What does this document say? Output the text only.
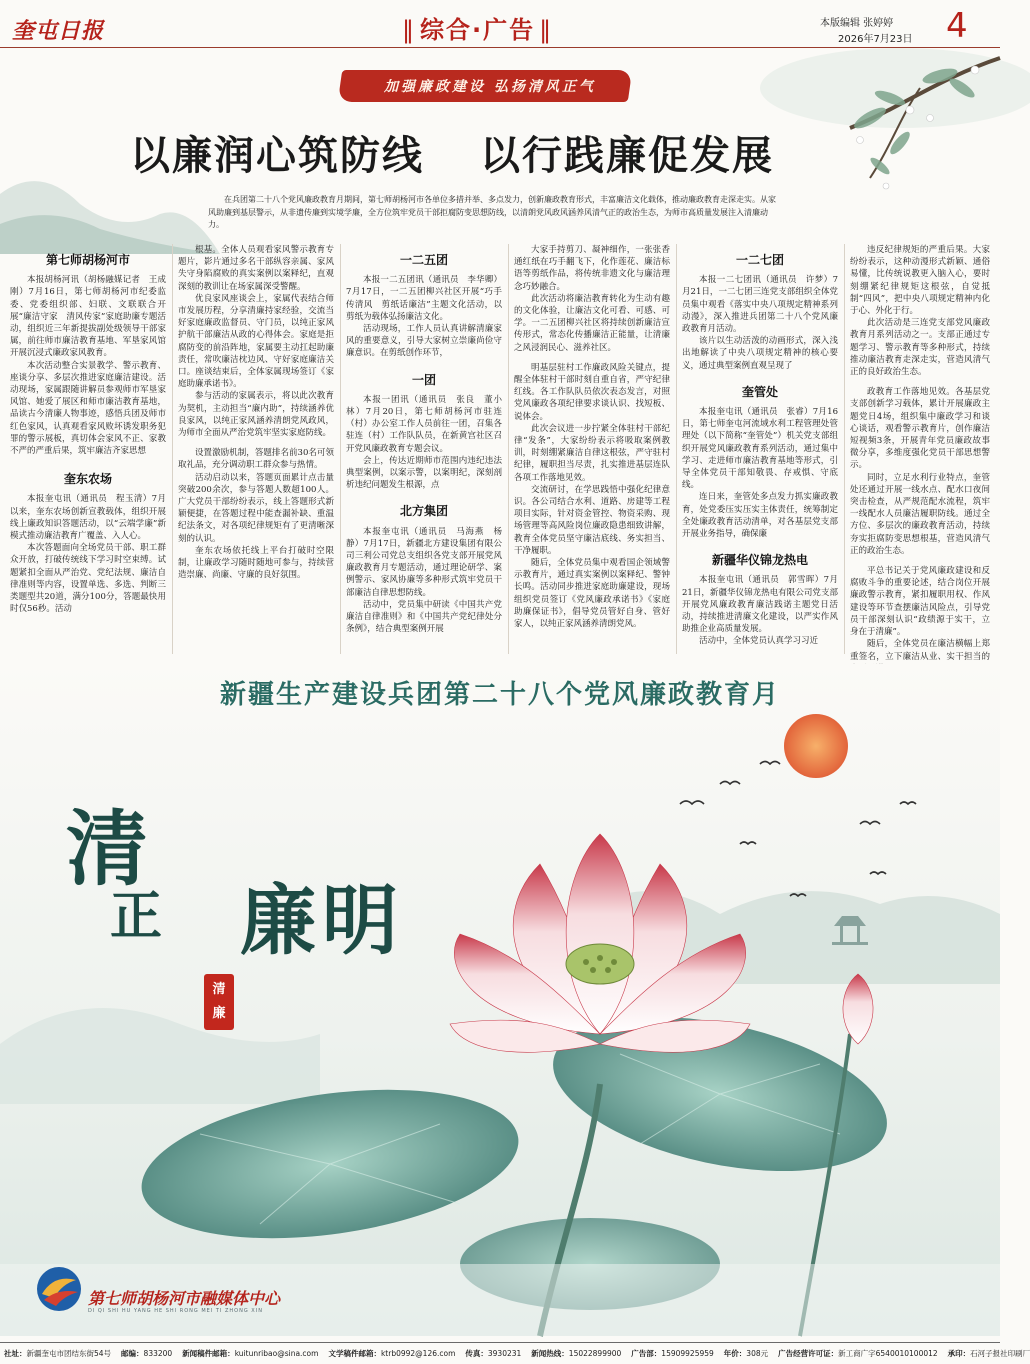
奎屯日报	‖ 综合·广告 ‖	本版编辑 张婷婷
2026年7月23日 4
加强廉政建设 弘扬清风正气
以廉润心筑防线 以行践廉促发展
在兵团第二十八个党风廉政教育月期间，第七师胡杨河市各单位多措并举、多点发力，创新廉政教育形式，丰富廉洁文化载体，推动廉政教育走深走实。从家风助廉到基层警示，从非遗传廉到实境学廉，全方位筑牢党员干部拒腐防变思想防线，以清朗党风政风涵养风清气正的政治生态，为师市高质量发展注入清廉动力。
第七师胡杨河市

本报胡杨河讯（胡杨融媒记者　王成刚）7月16日，第七师胡杨河市纪委监委、党委组织部、妇联、文联联合开展“廉洁守家　清风传家”家庭助廉专题活动，组织近三年新提拔副处级领导干部家属，前往师市廉洁教育基地、军垦家风馆开展沉浸式廉政家风教育。

本次活动整合实景教学、警示教育、座谈分享、多层次推进家庭廉洁建设。活动现场，家属跟随讲解员参观师市军垦家风馆、她爱了展区和师市廉洁教育基地，品读古今清廉人物事迹，感悟兵团及师市红色家风，认真观看家风败坏诱发职务犯罪的警示展板，真切体会家风不正、家教不严的严重后果，筑牢廉洁齐家思想

奎东农场

本报奎屯讯（通讯员　程玉清）7月以来，奎东农场创新宣教载体，组织开展线上廉政知识答题活动，以“云端学廉”新模式推动廉洁教育广覆盖、入人心。

本次答题面向全场党员干部、职工群众开放，打破传统线下学习时空束缚。试题紧扣全面从严治党、党纪法规、廉洁自律准则等内容，设置单选、多选、判断三类题型共20道，满分100分，答题最快用时仅56秒。活动

根基。全体人员观看家风警示教育专题片，影片通过多名干部纵容亲属、家风失守身陷腐败的真实案例以案释纪，直观深刻的教训让在场家属深受警醒。

优良家风座谈会上，家属代表结合师市发展历程，分享清廉持家经验，交流当好家庭廉政监督员、守门员，以纯正家风护航干部廉洁从政的心得体会。家庭是拒腐防变的前沿阵地，家属要主动扛起助廉责任，常吹廉洁枕边风、守好家庭廉洁关口。座谈结束后，全体家属现场签订《家庭助廉承诺书》。

参与活动的家属表示，将以此次教育为契机，主动担当“廉内助”，持续涵养优良家风，以纯正家风涵养清朗党风政风，为师市全面从严治党筑牢坚实家庭防线。

设置激励机制，答题排名前30名可领取礼品，充分调动职工群众参与热情。

活动启动以来，答题页面累计点击量突破200余次，参与答题人数超100人。广大党员干部纷纷表示，线上答题形式新颖便捷，在答题过程中能查漏补缺、重温纪法条文，对各项纪律规矩有了更清晰深刻的认识。

奎东农场依托线上平台打破时空限制，让廉政学习随时随地可参与，持续营造崇廉、尚廉、守廉的良好氛围。

一二五团

本报一二五团讯（通讯员　李华卿）7月17日，一二五团柳兴社区开展“巧手传清风　剪纸话廉洁”主题文化活动，以剪纸为载体弘扬廉洁文化。

活动现场，工作人员认真讲解清廉家风的重要意义，引导大家树立崇廉尚俭守廉意识。在剪纸创作环节，

一团

本报一团讯（通讯员　张良　董小林）7月20日，第七师胡杨河市驻连（村）办公室工作人员前往一团，召集各驻连（村）工作队队员，在新黄宫社区召开党风廉政教育专题会议。

会上，传达近期师市范围内违纪违法典型案例，以案示警，以案明纪，深刻剖析违纪问题发生根源，点

北方集团

本报奎屯讯（通讯员　马海燕　杨静）7月17日，新疆北方建设集团有限公司三利公司党总支组织各党支部开展党风廉政教育月专题活动，通过理论研学、案例警示、家风协廉等多种形式筑牢党员干部廉洁自律思想防线。

活动中，党员集中研读《中国共产党廉洁自律准则》和《中国共产党纪律处分条例》，结合典型案例开展

大家手持剪刀、凝神细作，一张张香通红纸在巧手翻飞下，化作莲花、廉洁标语等剪纸作品，将传统非遗文化与廉洁理念巧妙融合。

此次活动将廉洁教育转化为生动有趣的文化体验，让廉洁文化可看、可感、可学。一二五团柳兴社区将持续创新廉洁宣传形式，常态化传播廉洁正能量，让清廉之风浸润民心、滋养社区。

明基层驻村工作廉政风险关键点，提醒全体驻村干部时刻自重自省，严守纪律红线。各工作队队员依次表态发言，对照党风廉政各项纪律要求谈认识、找短板、说体会。

此次会议进一步拧紧全体驻村干部纪律“发条”，大家纷纷表示将吸取案例教训，时刻绷紧廉洁自律这根弦，严守驻村纪律，履职担当尽责，扎实推进基层连队各项工作落地见效。

交流研讨，在学思践悟中强化纪律意识。各公司结合水利、道路、房建等工程项目实际，针对资金管控、物资采购、现场管理等高风险岗位廉政隐患细致讲解，教育全体党员坚守廉洁底线、务实担当、干净履职。

随后，全体党员集中观看国企领域警示教育片，通过真实案例以案释纪、警钟长鸣。活动同步推进家庭助廉建设，现场组织党员签订《党风廉政承诺书》《家庭助廉保证书》，倡导党员管好自身、管好家人，以纯正家风涵养清朗党风。

一二七团

本报一二七团讯（通讯员　许梦）7月21日，一二七团三连党支部组织全体党员集中观看《落实中央八项规定精神系列动漫》，深入推进兵团第二十八个党风廉政教育月活动。

该片以生动活泼的动画形式，深入浅出地解读了中央八项规定精神的核心要义，通过典型案例直观呈现了

奎管处

本报奎屯讯（通讯员　张睿）7月16日，第七师奎屯河流域水利工程管理处管理处（以下简称“奎管处”）机关党支部组织开展党风廉政教育系列活动，通过集中学习、走进师市廉洁教育基地等形式，引导全体党员干部知敬畏、存戒惧、守底线。

连日来，奎管处多点发力抓实廉政教育，处党委压实压实主体责任，统筹制定全处廉政教育活动清单，对各基层党支部开展业务指导，确保廉

新疆华仪锦龙热电

本报奎屯讯（通讯员　郭雪晖）7月21日，新疆华仪锦龙热电有限公司党支部开展党风廉政教育廉洁践诺主题党日活动，持续推进清廉文化建设，以严实作风助推企业高质量发展。

活动中，全体党员认真学习习近

违反纪律规矩的严重后果。大家纷纷表示，这种动漫形式新颖、通俗易懂，比传统说教更入脑入心，要时刻绷紧纪律规矩这根弦，自觉抵制“四风”，把中央八项规定精神内化于心、外化于行。

此次活动是三连党支部党风廉政教育月系列活动之一。支部正通过专题学习、警示教育等多种形式，持续推动廉洁教育走深走实，营造风清气正的良好政治生态。

政教育工作落地见效。各基层党支部创新学习载体，累计开展廉政主题党日4场，组织集中廉政学习和谈心谈话，观看警示教育片，创作廉洁短视频3条，开展青年党员廉政故事微分享，多维度强化党员干部思想警示。

同时，立足水利行业特点，奎管处还通过开展一线水点、配水口夜间突击检查，从严规范配水流程，筑牢一线配水人员廉洁履职防线。通过全方位、多层次的廉政教育活动，持续夯实拒腐防变思想根基，营造风清气正的政治生态。

平总书记关于党风廉政建设和反腐败斗争的重要论述，结合岗位开展廉政警示教育，紧扣履职用权、作风建设等环节查摆廉洁风险点，引导党员干部深刻认识“政绩源于实干，立身在于清廉”。

随后，全体党员在廉洁横幅上郑重签名，立下廉洁从业、实干担当的

新疆生产建设兵团第二十八个党风廉政教育月
清
正 廉明
清
廉
第七师胡杨河市融媒体中心
DI QI SHI HU YANG HE SHI RONG MEI TI ZHONG XIN
社址：新疆奎屯市团结东街54号 邮编：833200 新闻稿件邮箱：kuitunribao@sina.com 文学稿件邮箱：ktrb0992@126.com 传真：3930231 新闻热线：15022899900 广告部：15909925959 年价：308元 广告经营许可证：新工商广字6540010100012 承印：石河子报社印刷厂
